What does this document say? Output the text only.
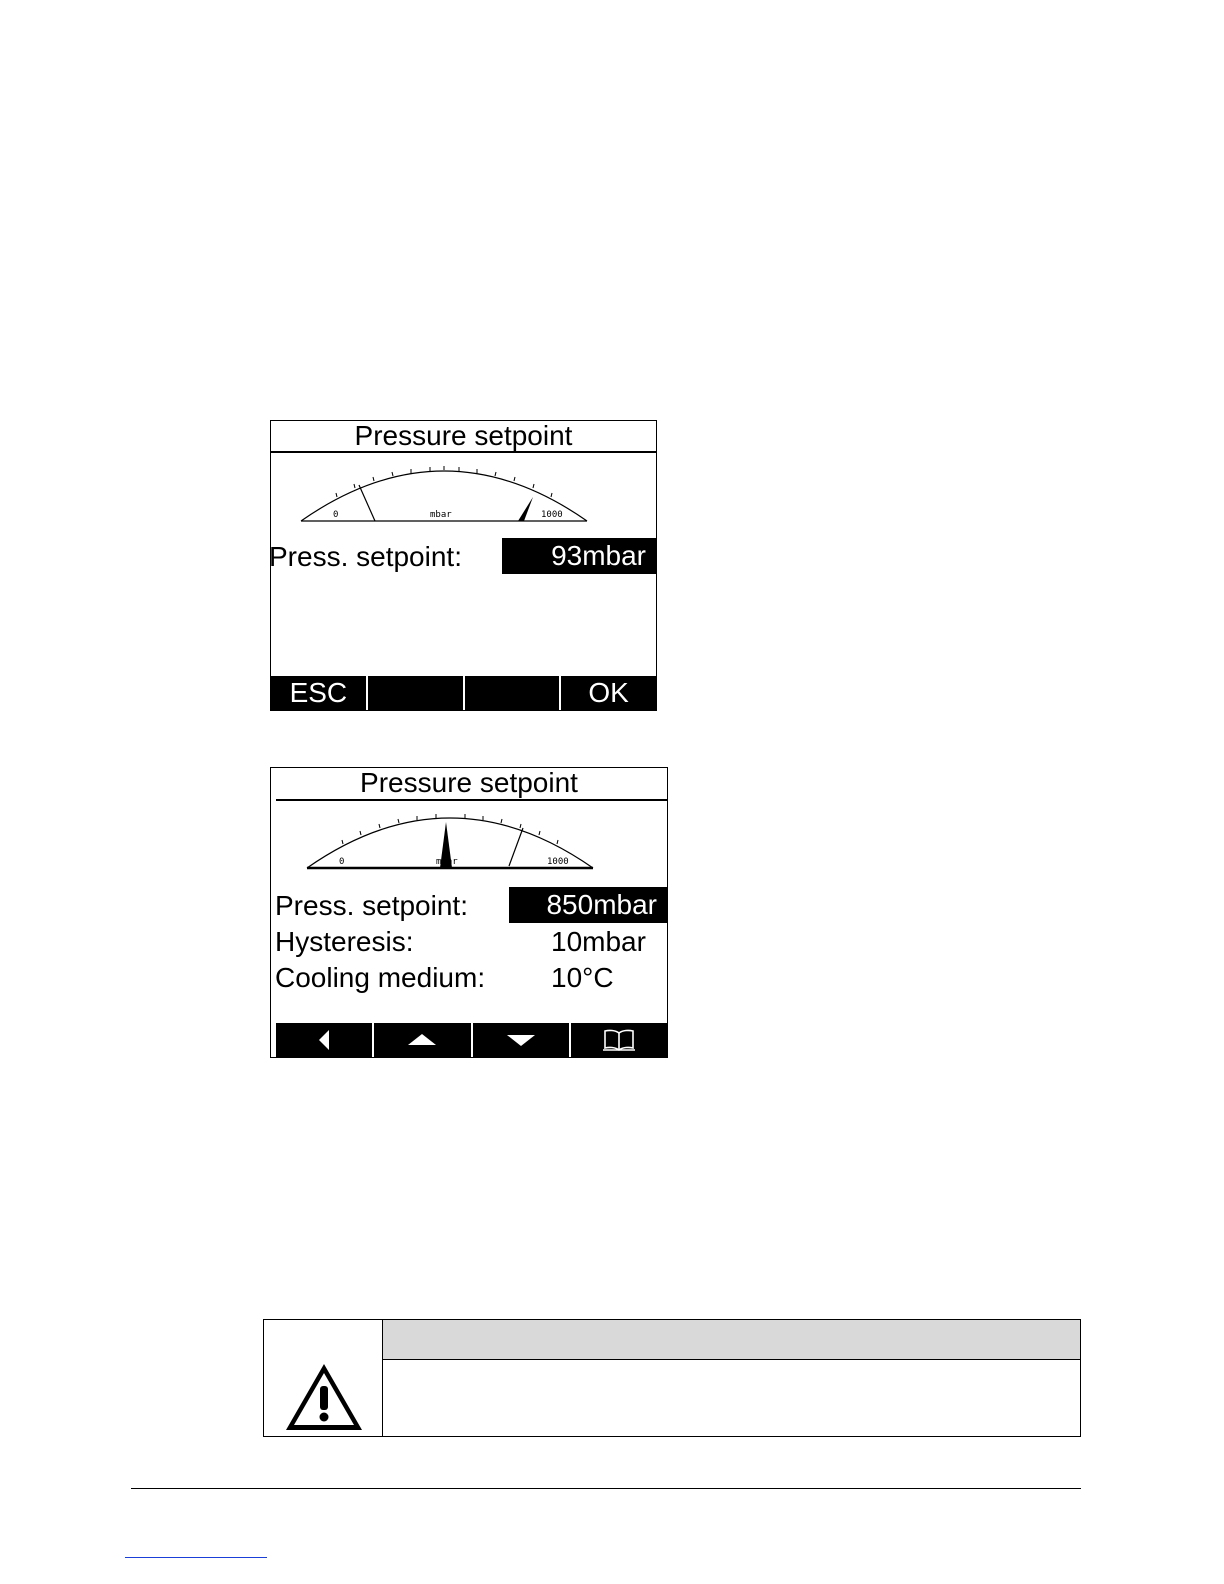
Pressure setpoint
0	mbar	1000
Press. setpoint:	93mbar
ESC	OK
Pressure setpoint
0	mbar	1000
Press. setpoint:	850mbar
Hysteresis:	10mbar
Cooling medium: 10°C
